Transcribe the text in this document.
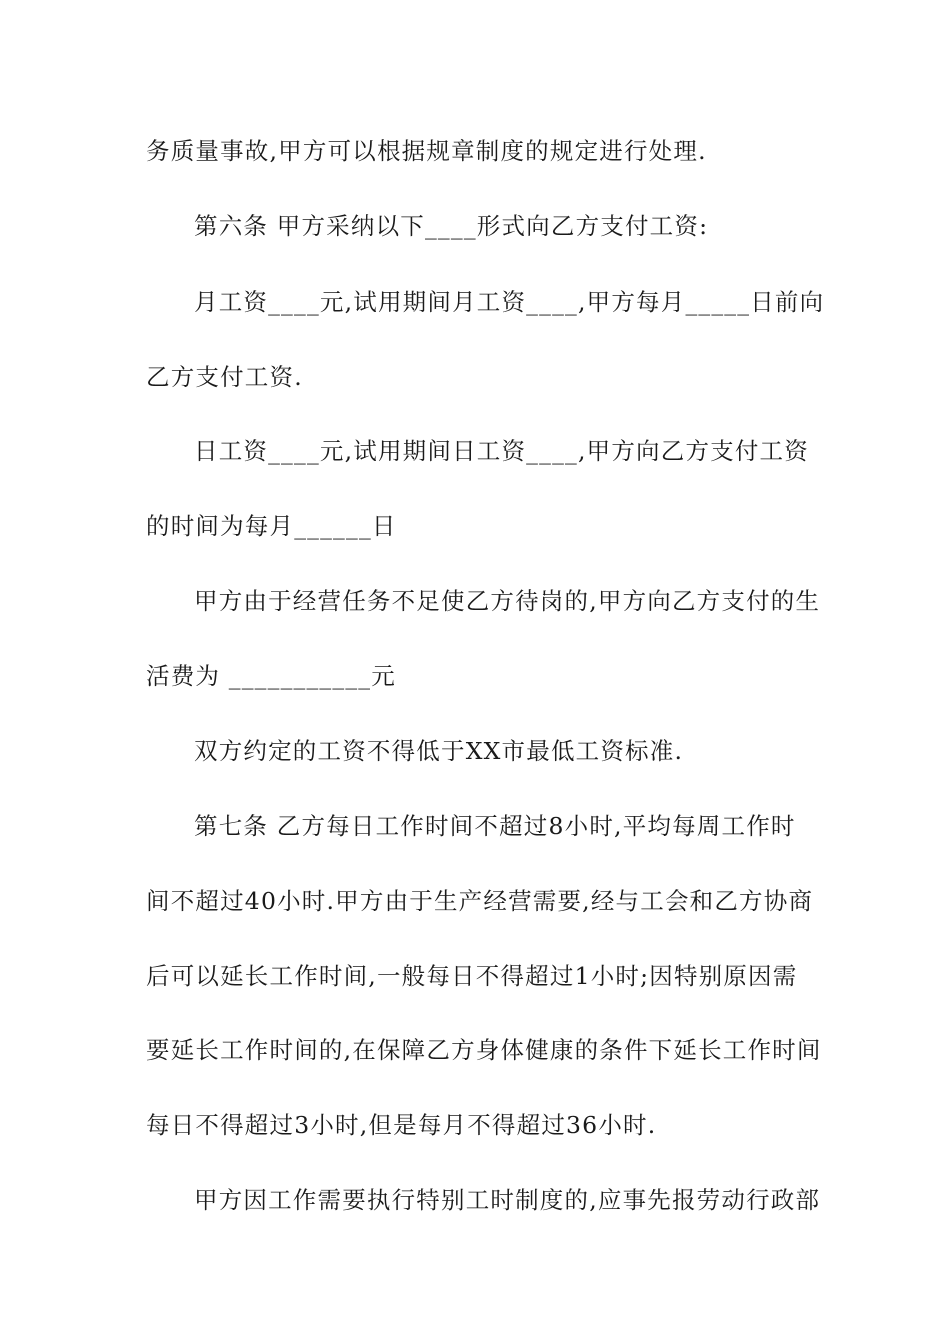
务质量事故,甲方可以根据规章制度的规定进行处理.
第六条 甲方采纳以下____形式向乙方支付工资:
月工资____元,试用期间月工资____,甲方每月_____日前向
乙方支付工资.
日工资____元,试用期间日工资____,甲方向乙方支付工资
的时间为每月______日
甲方由于经营任务不足使乙方待岗的,甲方向乙方支付的生
活费为 ___________元
双方约定的工资不得低于XX市最低工资标准.
第七条 乙方每日工作时间不超过8小时,平均每周工作时
间不超过40小时.甲方由于生产经营需要,经与工会和乙方协商
后可以延长工作时间,一般每日不得超过1小时;因特别原因需
要延长工作时间的,在保障乙方身体健康的条件下延长工作时间
每日不得超过3小时,但是每月不得超过36小时.
甲方因工作需要执行特别工时制度的,应事先报劳动行政部
